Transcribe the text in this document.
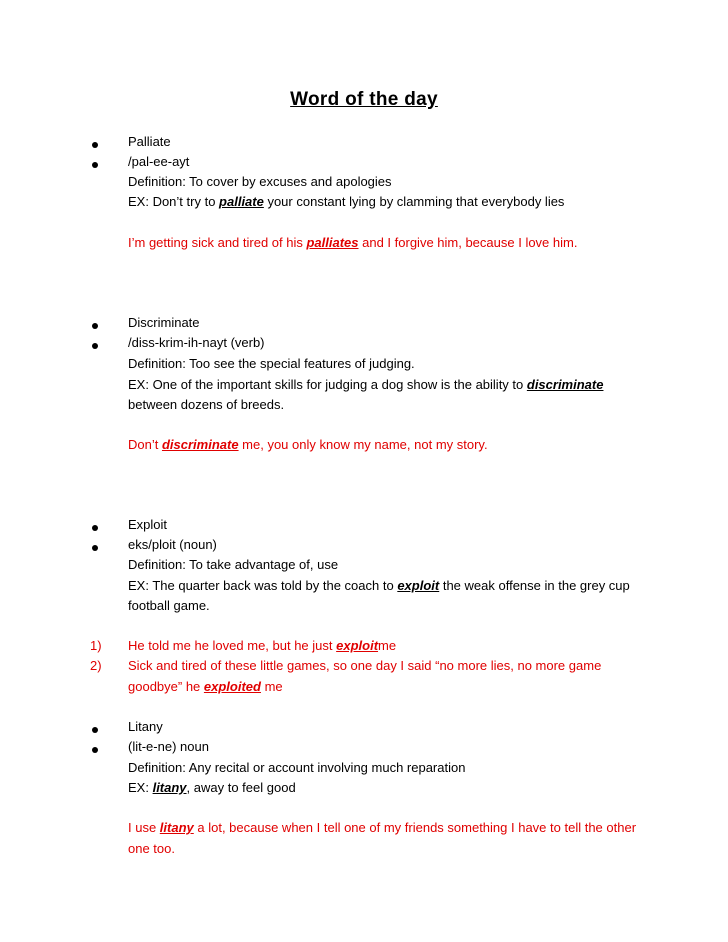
Word of the day
Palliate
/pal-ee-ayt
Definition: To cover by excuses and apologies
EX: Don’t try to palliate your constant lying by clamming that everybody lies
I’m getting sick and tired of his palliates and I forgive him, because I love him.
Discriminate
/diss-krim-ih-nayt (verb)
Definition: Too see the special features of judging.
EX: One of the important skills for judging a dog show is the ability to discriminate
between dozens of breeds.
Don’t discriminate me, you only know my name, not my story.
Exploit
eks/ploit (noun)
Definition: To take advantage of, use
EX: The quarter back was told by the coach to exploit the weak offense in the grey cup
football game.
1) He told me he loved me, but he just exploitme
2) Sick and tired of these little games, so one day I said “no more lies, no more game
goodbye” he exploited me
Litany
(lit-e-ne) noun
Definition: Any recital or account involving much reparation
EX: litany, away to feel good
I use litany a lot, because when I tell one of my friends something I have to tell the other
one too.
